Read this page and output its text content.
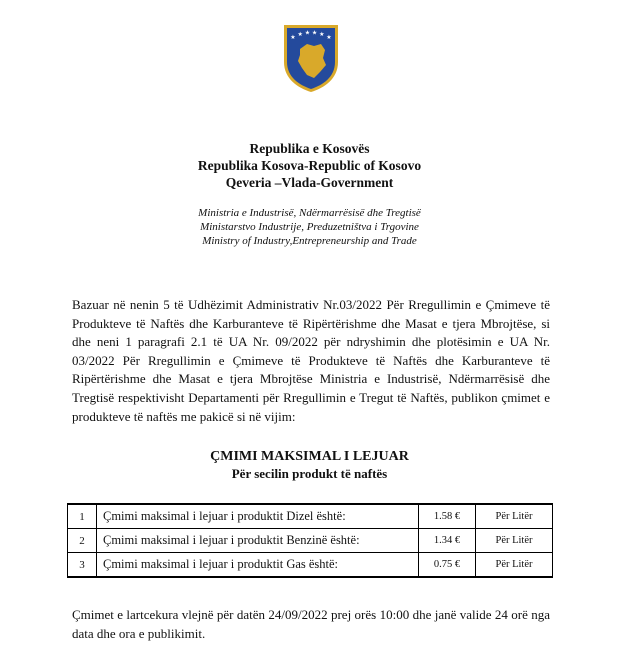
★ ★ ★ ★ ★ ★
Republika e Kosovës
Republika Kosova-Republic of Kosovo
Qeveria –Vlada-Government
Ministria e Industrisë, Ndërmarrësisë dhe Tregtisë
Ministarstvo Industrije, Preduzetništva i Trgovine
Ministry of Industry,Entrepreneurship and Trade

Bazuar në nenin 5 të Udhëzimit Administrativ Nr.03/2022 Për Rregullimin e Çmimeve të Produkteve të Naftës dhe Karburanteve të Ripërtërishme dhe Masat e tjera Mbrojtëse, si dhe neni 1 paragrafi 2.1 të UA Nr. 09/2022 për ndryshimin dhe plotësimin e UA Nr. 03/2022 Për Rregullimin e Çmimeve të Produkteve të Naftës dhe Karburanteve të Ripërtërishme dhe Masat e tjera Mbrojtëse Ministria e Industrisë, Ndërmarrësisë dhe Tregtisë respektivisht Departamenti për Rregullimin e Tregut të Naftës, publikon çmimet e produkteve të naftës me pakicë si në vijim:

ÇMIMI MAKSIMAL I LEJUAR
Për secilin produkt të naftës
1	Çmimi maksimal i lejuar i produktit Dizel është:	1.58 €	Për Litër
2	Çmimi maksimal i lejuar i produktit Benzinë është:	1.34 €	Për Litër
3	Çmimi maksimal i lejuar i produktit Gas është:	0.75 €	Për Litër

Çmimet e lartcekura vlejnë për datën 24/09/2022 prej orës 10:00 dhe janë valide 24 orë nga data dhe ora e publikimit.
